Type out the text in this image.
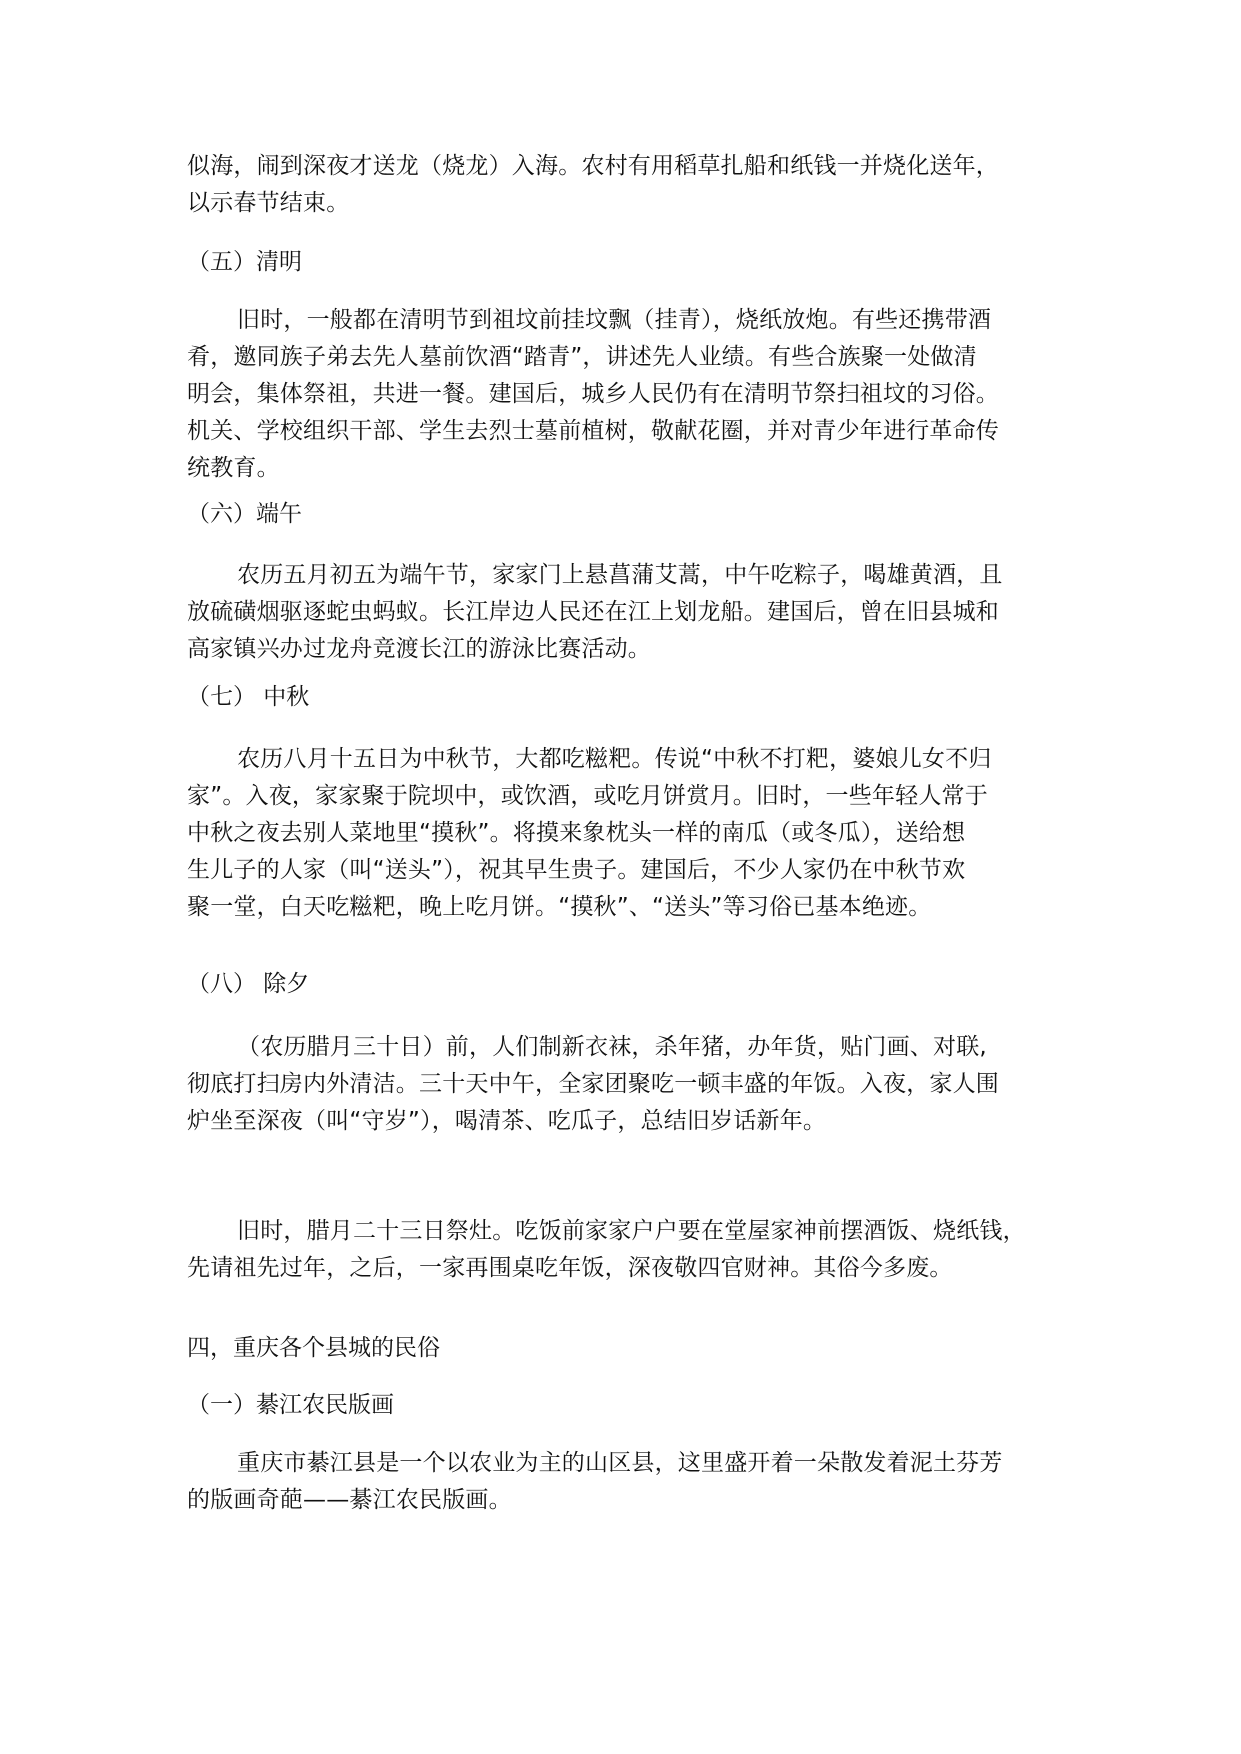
似海，闹到深夜才送龙（烧龙）入海。农村有用稻草扎船和纸钱一并烧化送年，
以示春节结束。
（五）清明
旧时，一般都在清明节到祖坟前挂坟飘（挂青），烧纸放炮。有些还携带酒
肴，邀同族子弟去先人墓前饮酒“踏青”，讲述先人业绩。有些合族聚一处做清
明会，集体祭祖，共进一餐。建国后，城乡人民仍有在清明节祭扫祖坟的习俗。
机关、学校组织干部、学生去烈士墓前植树，敬献花圈，并对青少年进行革命传
统教育。
（六）端午
农历五月初五为端午节，家家门上悬菖蒲艾蒿，中午吃粽子，喝雄黄酒，且
放硫磺烟驱逐蛇虫蚂蚁。长江岸边人民还在江上划龙船。建国后，曾在旧县城和
高家镇兴办过龙舟竞渡长江的游泳比赛活动。
（七） 中秋
农历八月十五日为中秋节，大都吃糍粑。传说“中秋不打粑，婆娘儿女不归
家”。入夜，家家聚于院坝中，或饮酒，或吃月饼赏月。旧时，一些年轻人常于
中秋之夜去别人菜地里“摸秋”。将摸来象枕头一样的南瓜（或冬瓜），送给想
生儿子的人家（叫“送头”），祝其早生贵子。建国后，不少人家仍在中秋节欢
聚一堂，白天吃糍粑，晚上吃月饼。“摸秋”、“送头”等习俗已基本绝迹。
（八） 除夕
（农历腊月三十日）前，人们制新衣袜，杀年猪，办年货，贴门画、对联,
彻底打扫房内外清洁。三十天中午，全家团聚吃一顿丰盛的年饭。入夜，家人围
炉坐至深夜（叫“守岁”），喝清茶、吃瓜子，总结旧岁话新年。
旧时，腊月二十三日祭灶。吃饭前家家户户要在堂屋家神前摆酒饭、烧纸钱，
先请祖先过年，之后，一家再围桌吃年饭，深夜敬四官财神。其俗今多废。
四，重庆各个县城的民俗
（一）綦江农民版画
重庆市綦江县是一个以农业为主的山区县，这里盛开着一朵散发着泥土芬芳
的版画奇葩——綦江农民版画。
